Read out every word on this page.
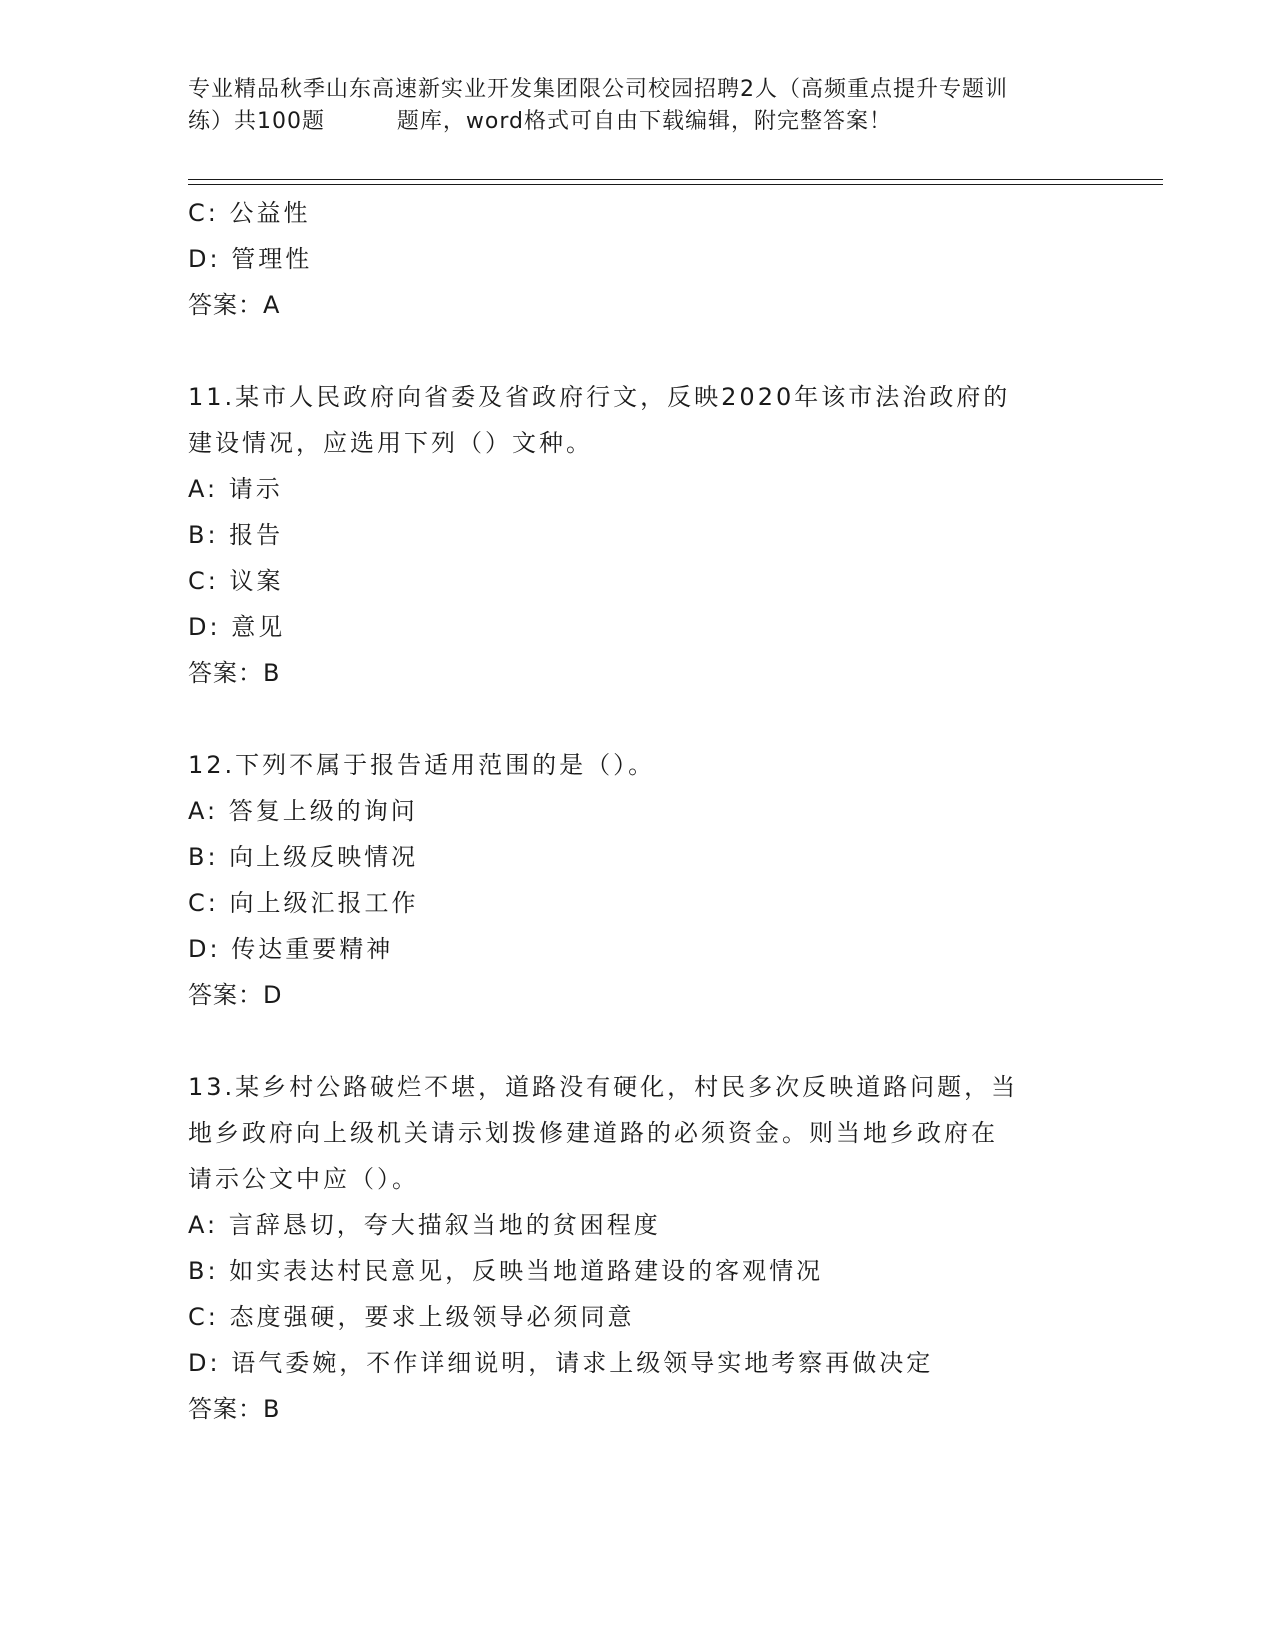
专业精品秋季山东高速新实业开发集团限公司校园招聘2人（高频重点提升专题训
练）共100题         题库，word格式可自由下载编辑，附完整答案！
C: 公益性
D: 管理性
答案：A
11.某市人民政府向省委及省政府行文，反映2020年该市法治政府的
建设情况，应选用下列（）文种。
A: 请示
B: 报告
C: 议案
D: 意见
答案：B
12.下列不属于报告适用范围的是（）。
A: 答复上级的询问
B: 向上级反映情况
C: 向上级汇报工作
D: 传达重要精神
答案：D
13.某乡村公路破烂不堪，道路没有硬化，村民多次反映道路问题，当
地乡政府向上级机关请示划拨修建道路的必须资金。则当地乡政府在
请示公文中应（）。
A: 言辞恳切，夸大描叙当地的贫困程度
B: 如实表达村民意见，反映当地道路建设的客观情况
C: 态度强硬，要求上级领导必须同意
D: 语气委婉，不作详细说明，请求上级领导实地考察再做决定
答案：B
